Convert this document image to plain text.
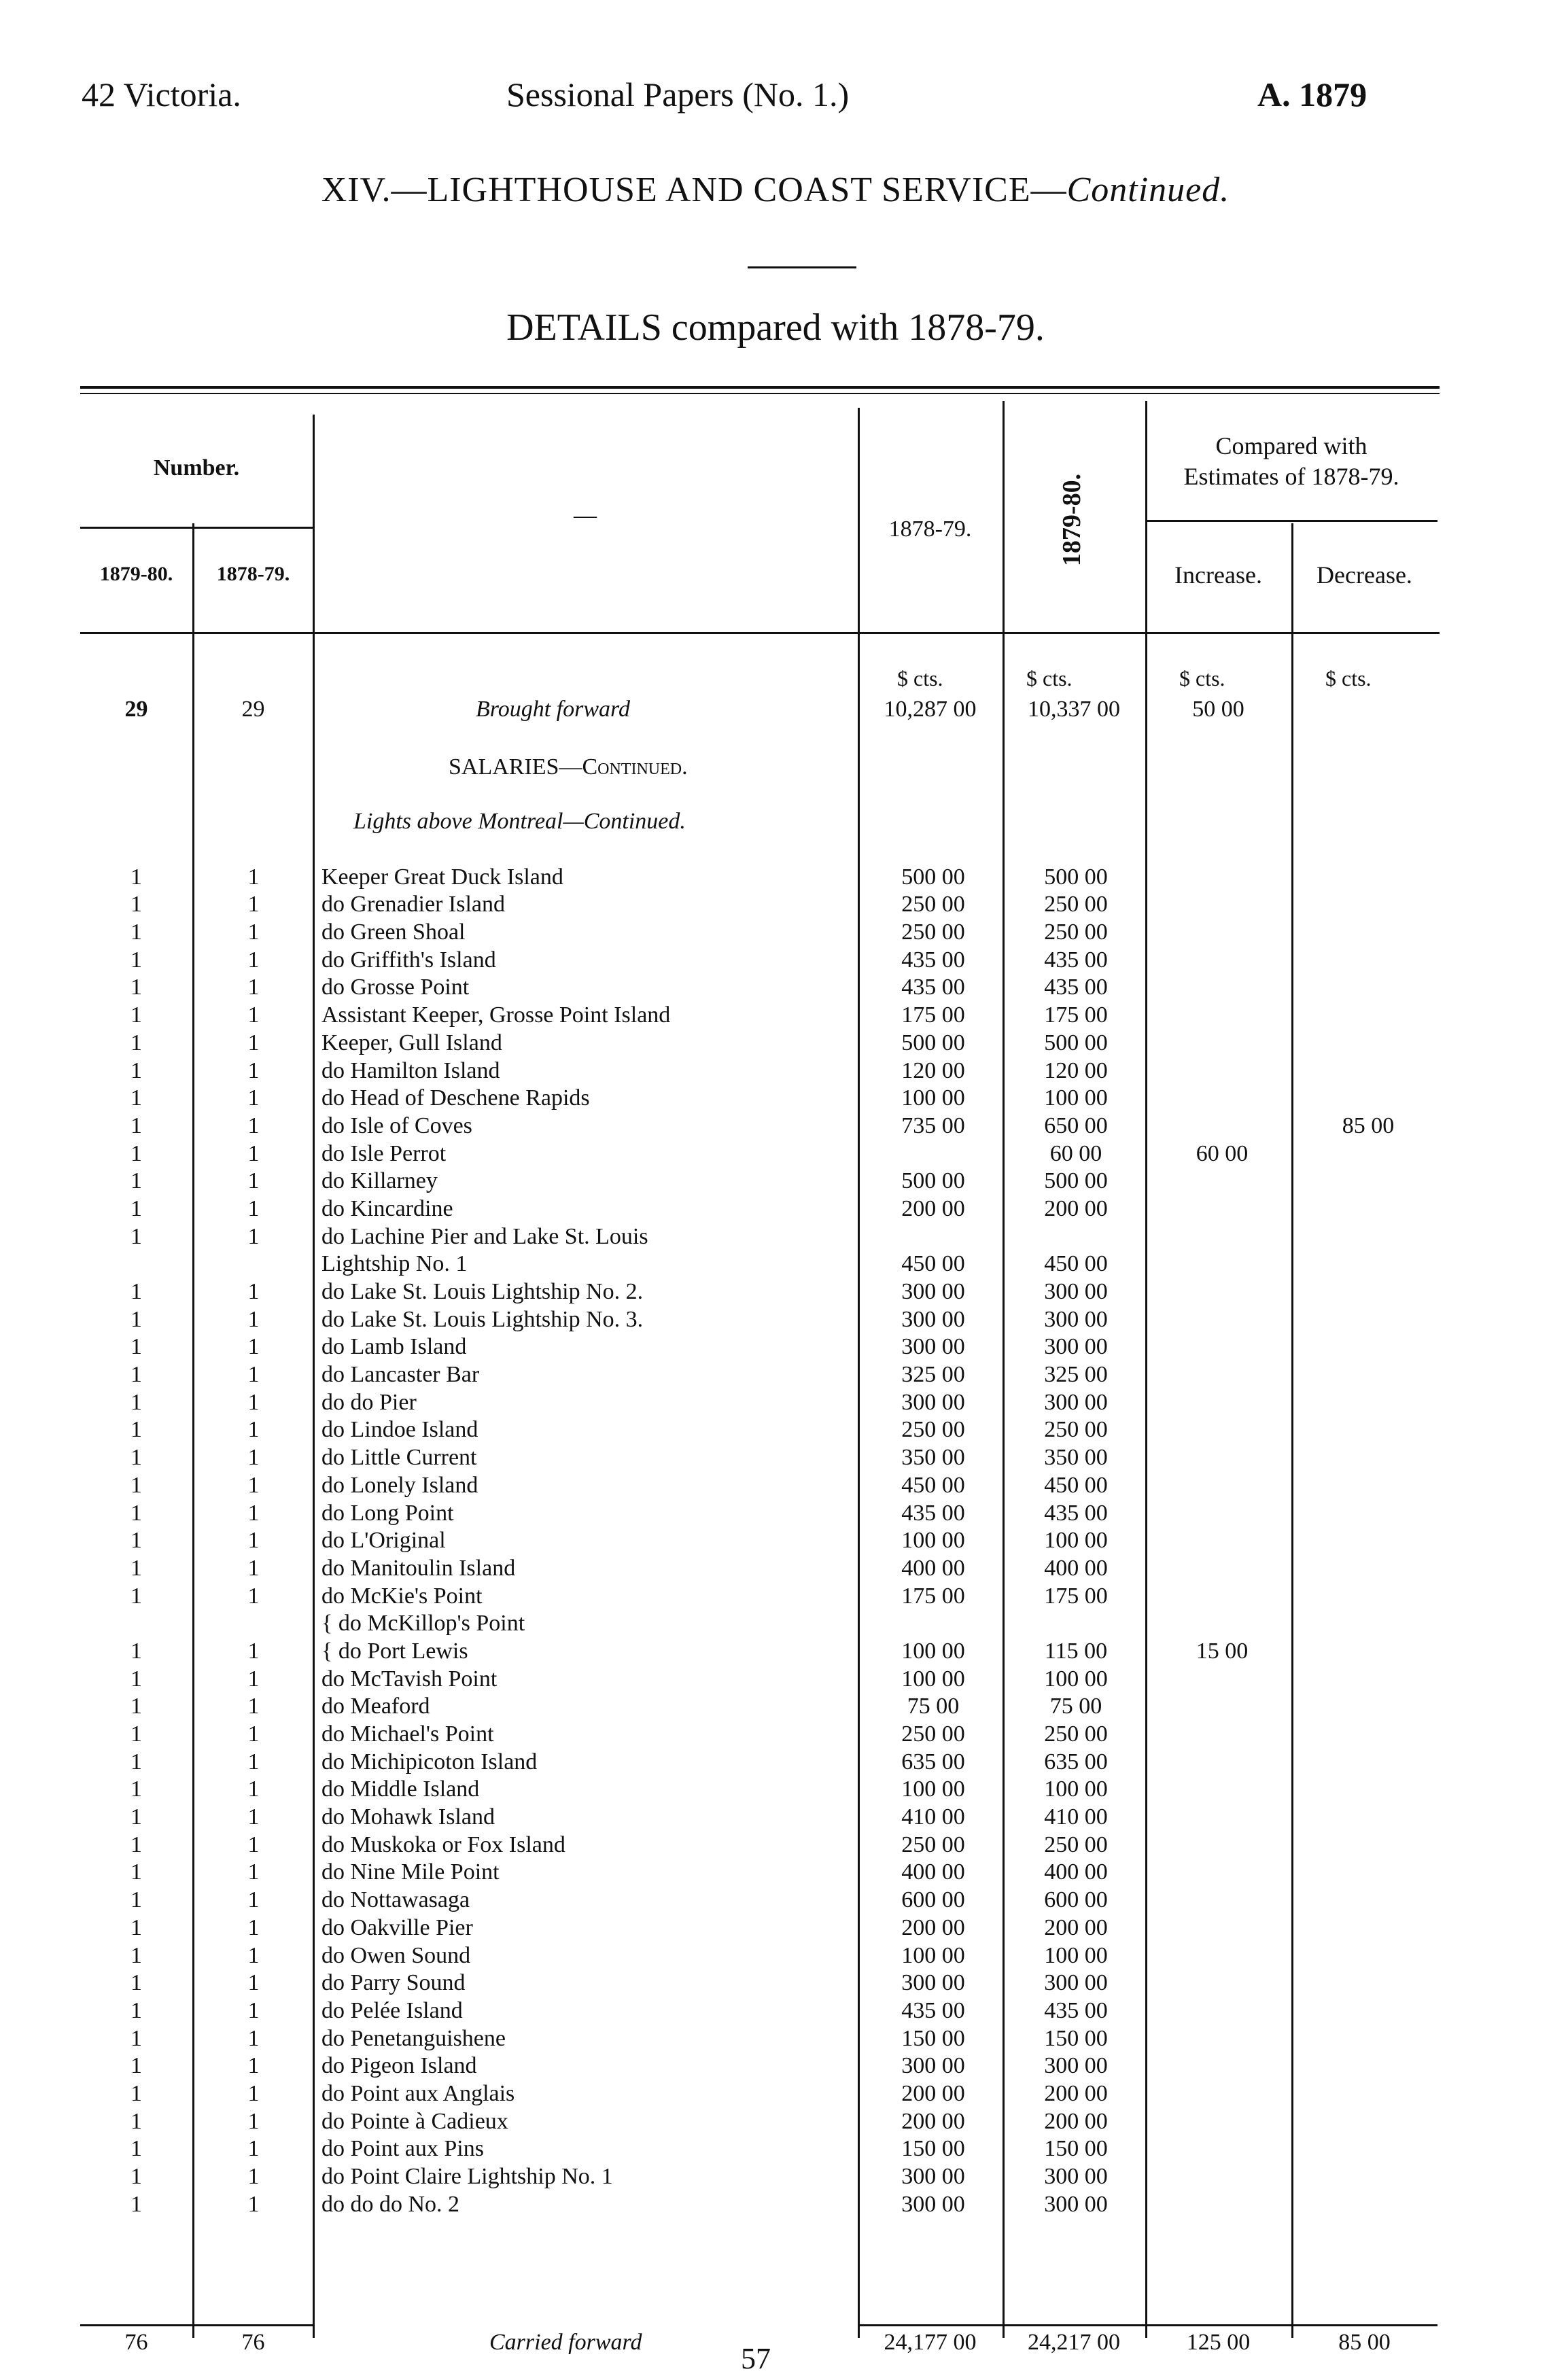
42 Victoria.	Sessional Papers (No. 1.)	A. 1879
XIV.—LIGHTHOUSE AND COAST SERVICE—Continued.
DETAILS compared with 1878-79.
Number.
1879-80.	1878-79.
—
1878-79.	1879-80.
Compared with
Estimates of 1878-79.
Increase.	Decrease.
$ cts.	$ cts.	$ cts.	$ cts.
29	29	Brought forward	10,287 00	10,337 00	50 00
SALARIES—Continued.
Lights above Montreal—Continued.
1	1	Keeper Great Duck Island	500 00	500 00		
1	1	do Grenadier Island	250 00	250 00		
1	1	do Green Shoal	250 00	250 00		
1	1	do Griffith's Island	435 00	435 00		
1	1	do Grosse Point	435 00	435 00		
1	1	Assistant Keeper, Grosse Point Island	175 00	175 00		
1	1	Keeper, Gull Island	500 00	500 00		
1	1	do Hamilton Island	120 00	120 00		
1	1	do Head of Deschene Rapids	100 00	100 00		
1	1	do Isle of Coves	735 00	650 00		85 00
1	1	do Isle Perrot		60 00	60 00	
1	1	do Killarney	500 00	500 00		
1	1	do Kincardine	200 00	200 00		
1	1	do Lachine Pier and Lake St. Louis				
		Lightship No. 1	450 00	450 00		
1	1	do Lake St. Louis Lightship No. 2.	300 00	300 00		
1	1	do Lake St. Louis Lightship No. 3.	300 00	300 00		
1	1	do Lamb Island	300 00	300 00		
1	1	do Lancaster Bar	325 00	325 00		
1	1	do do Pier	300 00	300 00		
1	1	do Lindoe Island	250 00	250 00		
1	1	do Little Current	350 00	350 00		
1	1	do Lonely Island	450 00	450 00		
1	1	do Long Point	435 00	435 00		
1	1	do L'Original	100 00	100 00		
1	1	do Manitoulin Island	400 00	400 00		
1	1	do McKie's Point	175 00	175 00		
		{ do McKillop's Point				
1	1	{ do Port Lewis	100 00	115 00	15 00	
1	1	do McTavish Point	100 00	100 00		
1	1	do Meaford	75 00	75 00		
1	1	do Michael's Point	250 00	250 00		
1	1	do Michipicoton Island	635 00	635 00		
1	1	do Middle Island	100 00	100 00		
1	1	do Mohawk Island	410 00	410 00		
1	1	do Muskoka or Fox Island	250 00	250 00		
1	1	do Nine Mile Point	400 00	400 00		
1	1	do Nottawasaga	600 00	600 00		
1	1	do Oakville Pier	200 00	200 00		
1	1	do Owen Sound	100 00	100 00		
1	1	do Parry Sound	300 00	300 00		
1	1	do Pelée Island	435 00	435 00		
1	1	do Penetanguishene	150 00	150 00		
1	1	do Pigeon Island	300 00	300 00		
1	1	do Point aux Anglais	200 00	200 00		
1	1	do Pointe à Cadieux	200 00	200 00		
1	1	do Point aux Pins	150 00	150 00		
1	1	do Point Claire Lightship No. 1	300 00	300 00		
1	1	do do do No. 2	300 00	300 00		
76	76	Carried forward	24,177 00	24,217 00	125 00	85 00
57
